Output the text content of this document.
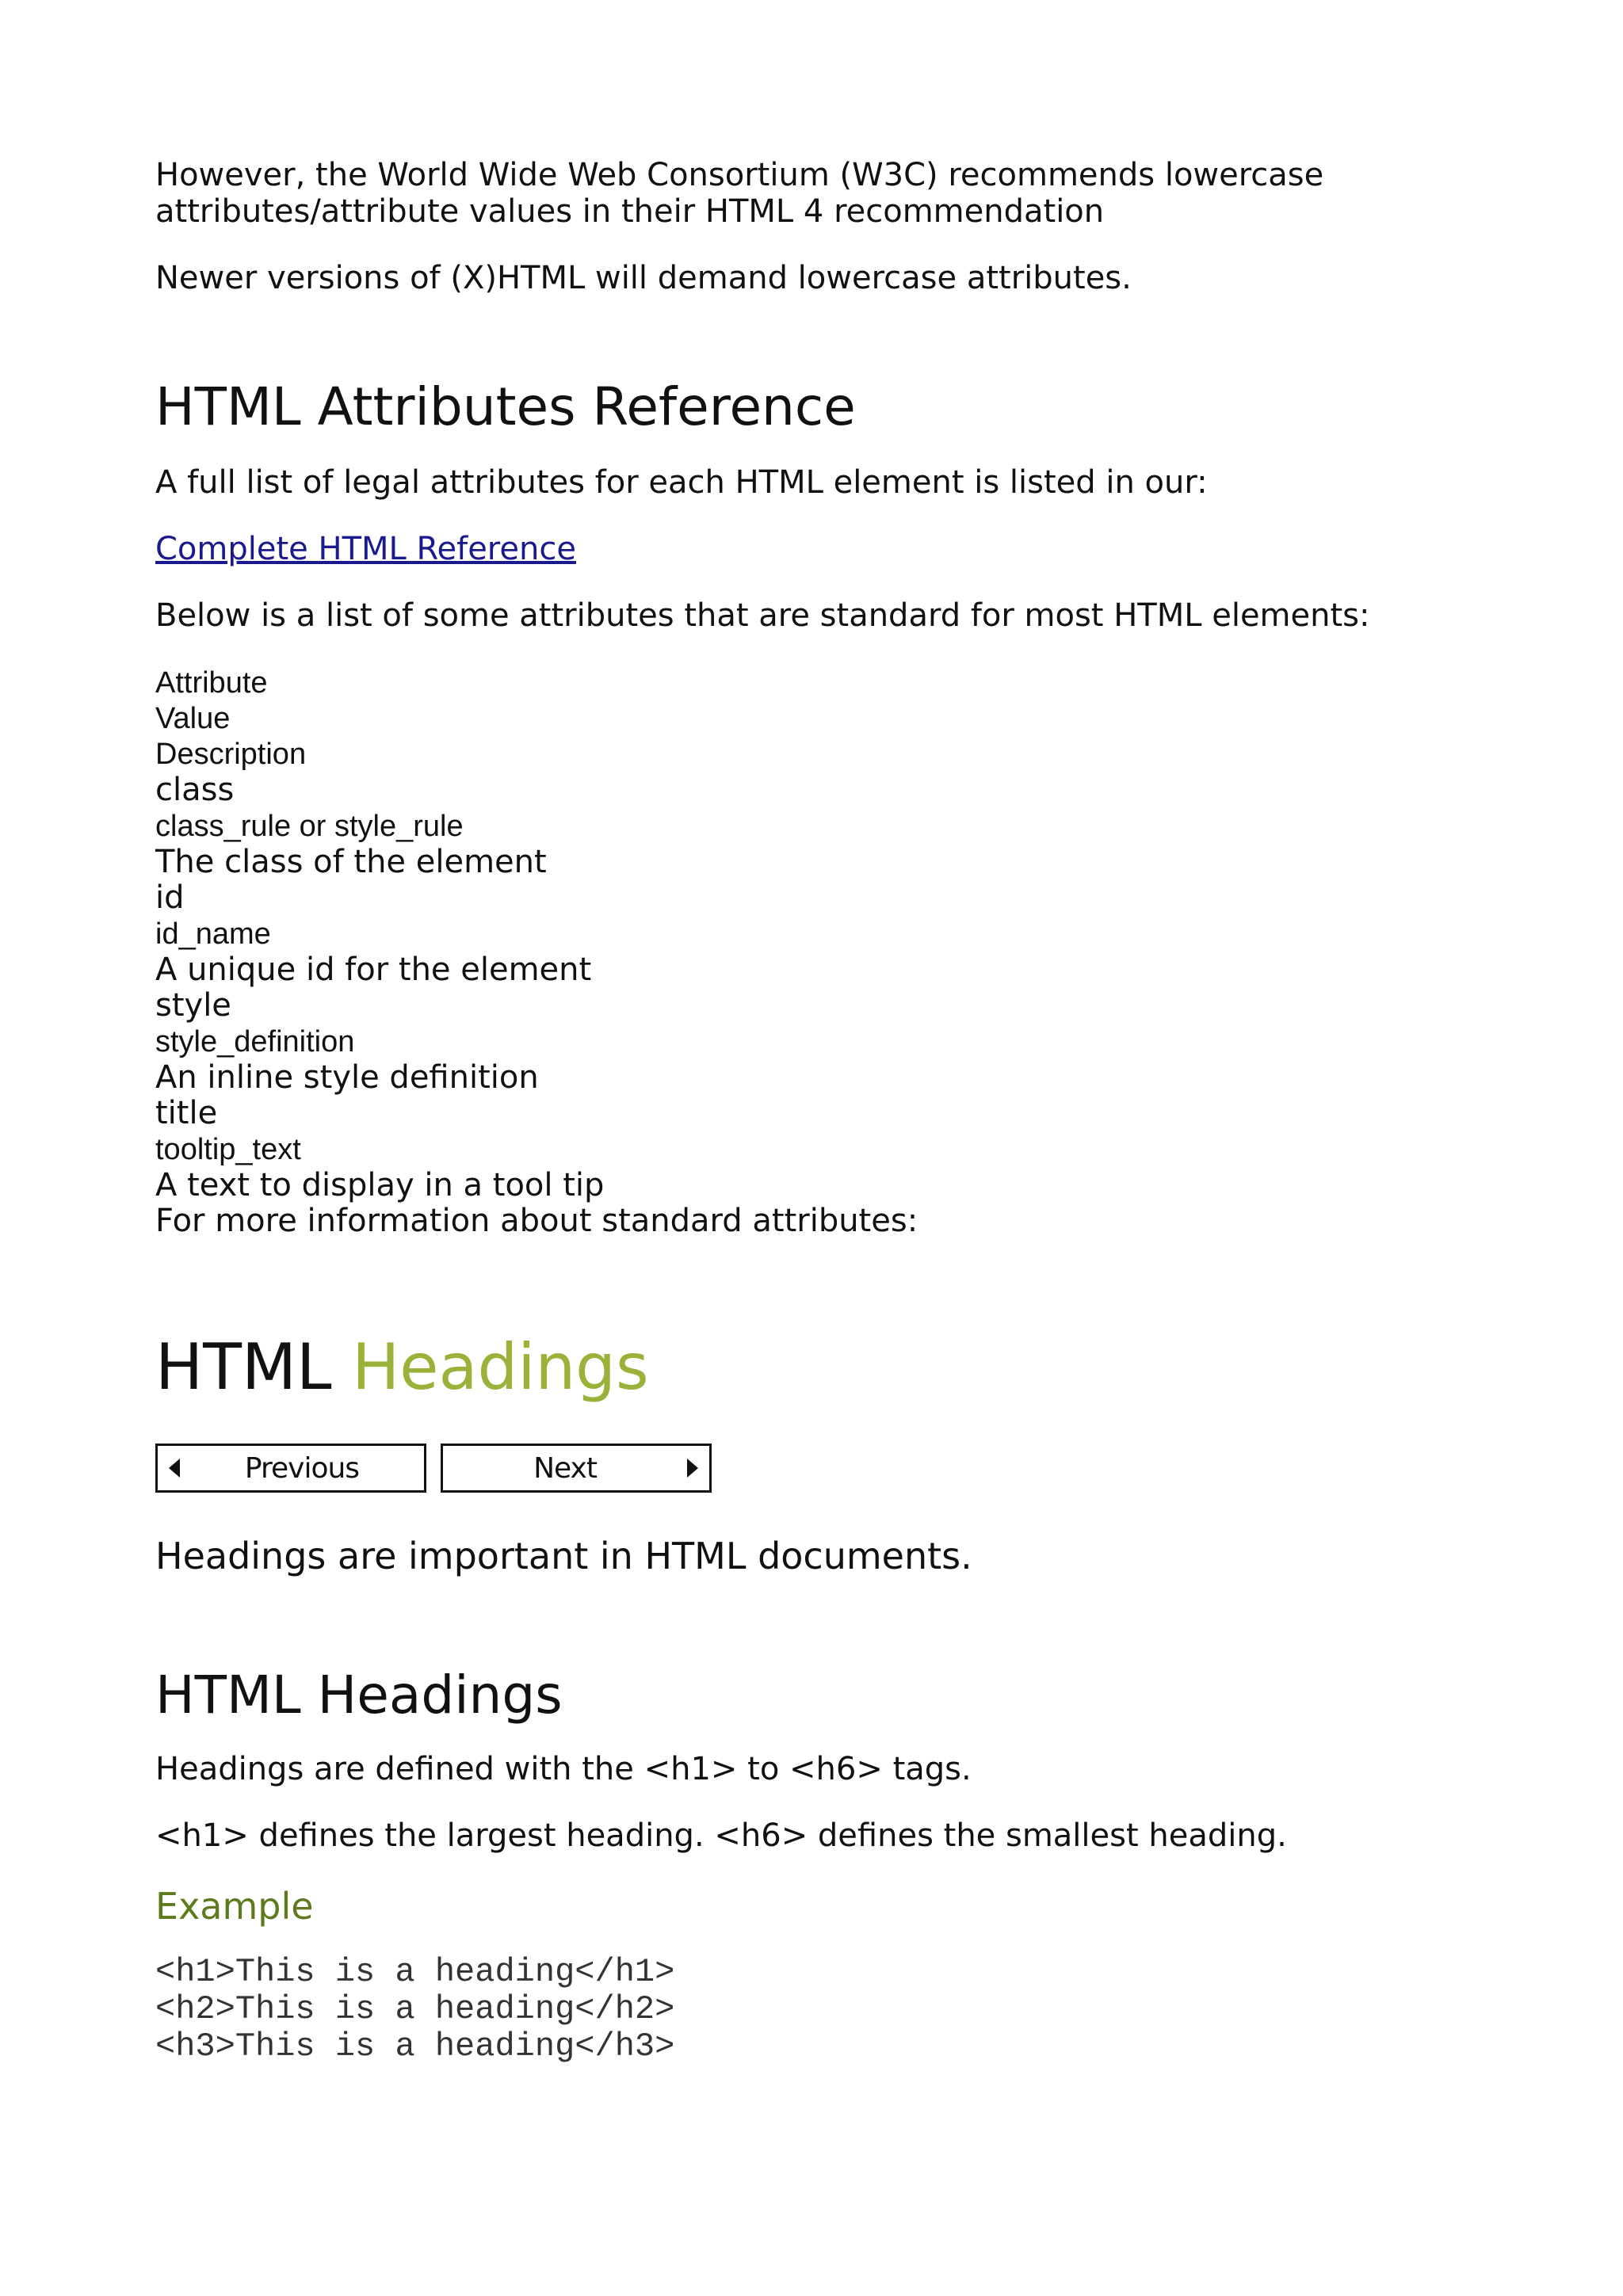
However, the World Wide Web Consortium (W3C) recommends lowercase
attributes/attribute values in their HTML 4 recommendation
Newer versions of (X)HTML will demand lowercase attributes.
HTML Attributes Reference
A full list of legal attributes for each HTML element is listed in our:
Complete HTML Reference
Below is a list of some attributes that are standard for most HTML elements:
Attribute
Value
Description
class
class_rule or style_rule
The class of the element
id
id_name
A unique id for the element
style
style_definition
An inline style definition
title
tooltip_text
A text to display in a tool tip
For more information about standard attributes:
HTML Headings
Previous	Next
Headings are important in HTML documents.
HTML Headings
Headings are defined with the <h1> to <h6> tags.
<h1> defines the largest heading. <h6> defines the smallest heading.
Example
<h1>This is a heading</h1>
<h2>This is a heading</h2>
<h3>This is a heading</h3>
